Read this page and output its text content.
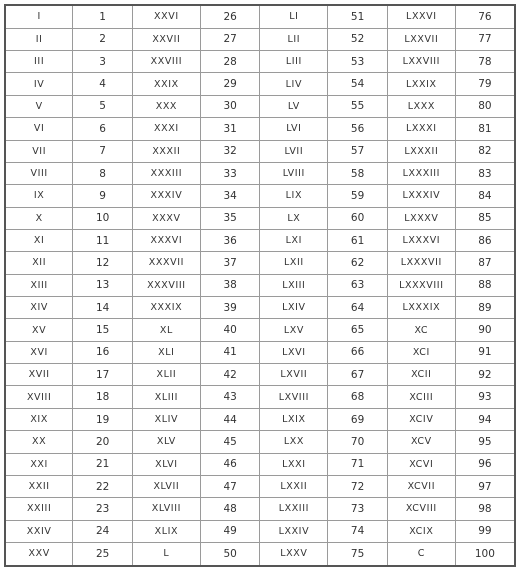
I	1	XXVI	26	LI	51	LXXVI	76
II	2	XXVII	27	LII	52	LXXVII	77
III	3	XXVIII	28	LIII	53	LXXVIII	78
IV	4	XXIX	29	LIV	54	LXXIX	79
V	5	XXX	30	LV	55	LXXX	80
VI	6	XXXI	31	LVI	56	LXXXI	81
VII	7	XXXII	32	LVII	57	LXXXII	82
VIII	8	XXXIII	33	LVIII	58	LXXXIII	83
IX	9	XXXIV	34	LIX	59	LXXXIV	84
X	10	XXXV	35	LX	60	LXXXV	85
XI	11	XXXVI	36	LXI	61	LXXXVI	86
XII	12	XXXVII	37	LXII	62	LXXXVII	87
XIII	13	XXXVIII	38	LXIII	63	LXXXVIII	88
XIV	14	XXXIX	39	LXIV	64	LXXXIX	89
XV	15	XL	40	LXV	65	XC	90
XVI	16	XLI	41	LXVI	66	XCI	91
XVII	17	XLII	42	LXVII	67	XCII	92
XVIII	18	XLIII	43	LXVIII	68	XCIII	93
XIX	19	XLIV	44	LXIX	69	XCIV	94
XX	20	XLV	45	LXX	70	XCV	95
XXI	21	XLVI	46	LXXI	71	XCVI	96
XXII	22	XLVII	47	LXXII	72	XCVII	97
XXIII	23	XLVIII	48	LXXIII	73	XCVIII	98
XXIV	24	XLIX	49	LXXIV	74	XCIX	99
XXV	25	L	50	LXXV	75	C	100
